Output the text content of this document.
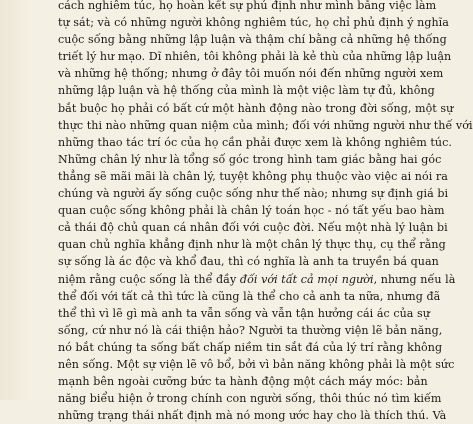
cách nghiêm túc, họ hoàn kết sự phủ định như mình bằng việc làm
tự sát; và có những người không nghiêm túc, họ chỉ phủ định ý nghĩa
cuộc sống bằng những lập luận và thậm chí bằng cả những hệ thống
triết lý hư mạo. Dĩ nhiên, tôi không phải là kẻ thù của những lập luận
và những hệ thống; nhưng ở đây tôi muốn nói đến những người xem
những lập luận và hệ thống của mình là một việc làm tự đủ, không
bắt buộc họ phải có bất cứ một hành động nào trong đời sống, một sự
thực thi nào những quan niệm của mình; đối với những người như thế với
những thao tác trí óc của họ cần phải được xem là không nghiêm túc.
Những chân lý như là tổng số góc trong hình tam giác bằng hai góc
thẳng sẽ mãi mãi là chân lý, tuyệt không phụ thuộc vào việc ai nói ra
chúng và người ấy sống cuộc sống như thế nào; nhưng sự định giá bi
quan cuộc sống không phải là chân lý toán học - nó tất yếu bao hàm
cả thái độ chủ quan cá nhân đối với cuộc đời. Nếu một nhà lý luận bi
quan chủ nghĩa khẳng định như là một chân lý thực thụ, cụ thể rằng
sự sống là ác độc và khổ đau, thì có nghĩa là anh ta truyền bá quan
niệm rằng cuộc sống là thể đầy đối với tất cả mọi người, nhưng nếu là
thể đối với tất cả thì tức là cũng là thể cho cả anh ta nữa, nhưng đã
thể thì vì lẽ gì mà anh ta vẫn sống và vẫn tận hưởng cái ác của sự
sống, cứ như nó là cái thiện hảo? Người ta thường viện lẽ bản năng,
nó bắt chúng ta sống bất chấp niềm tin sắt đá của lý trí rằng không
nên sống. Một sự viện lẽ vô bổ, bởi vì bản năng không phải là một sức
mạnh bên ngoài cưỡng bức ta hành động một cách máy móc: bản
năng biểu hiện ở trong chính con người sống, thôi thúc nó tìm kiếm
những trạng thái nhất định mà nó mong ước hay cho là thích thú. Và
